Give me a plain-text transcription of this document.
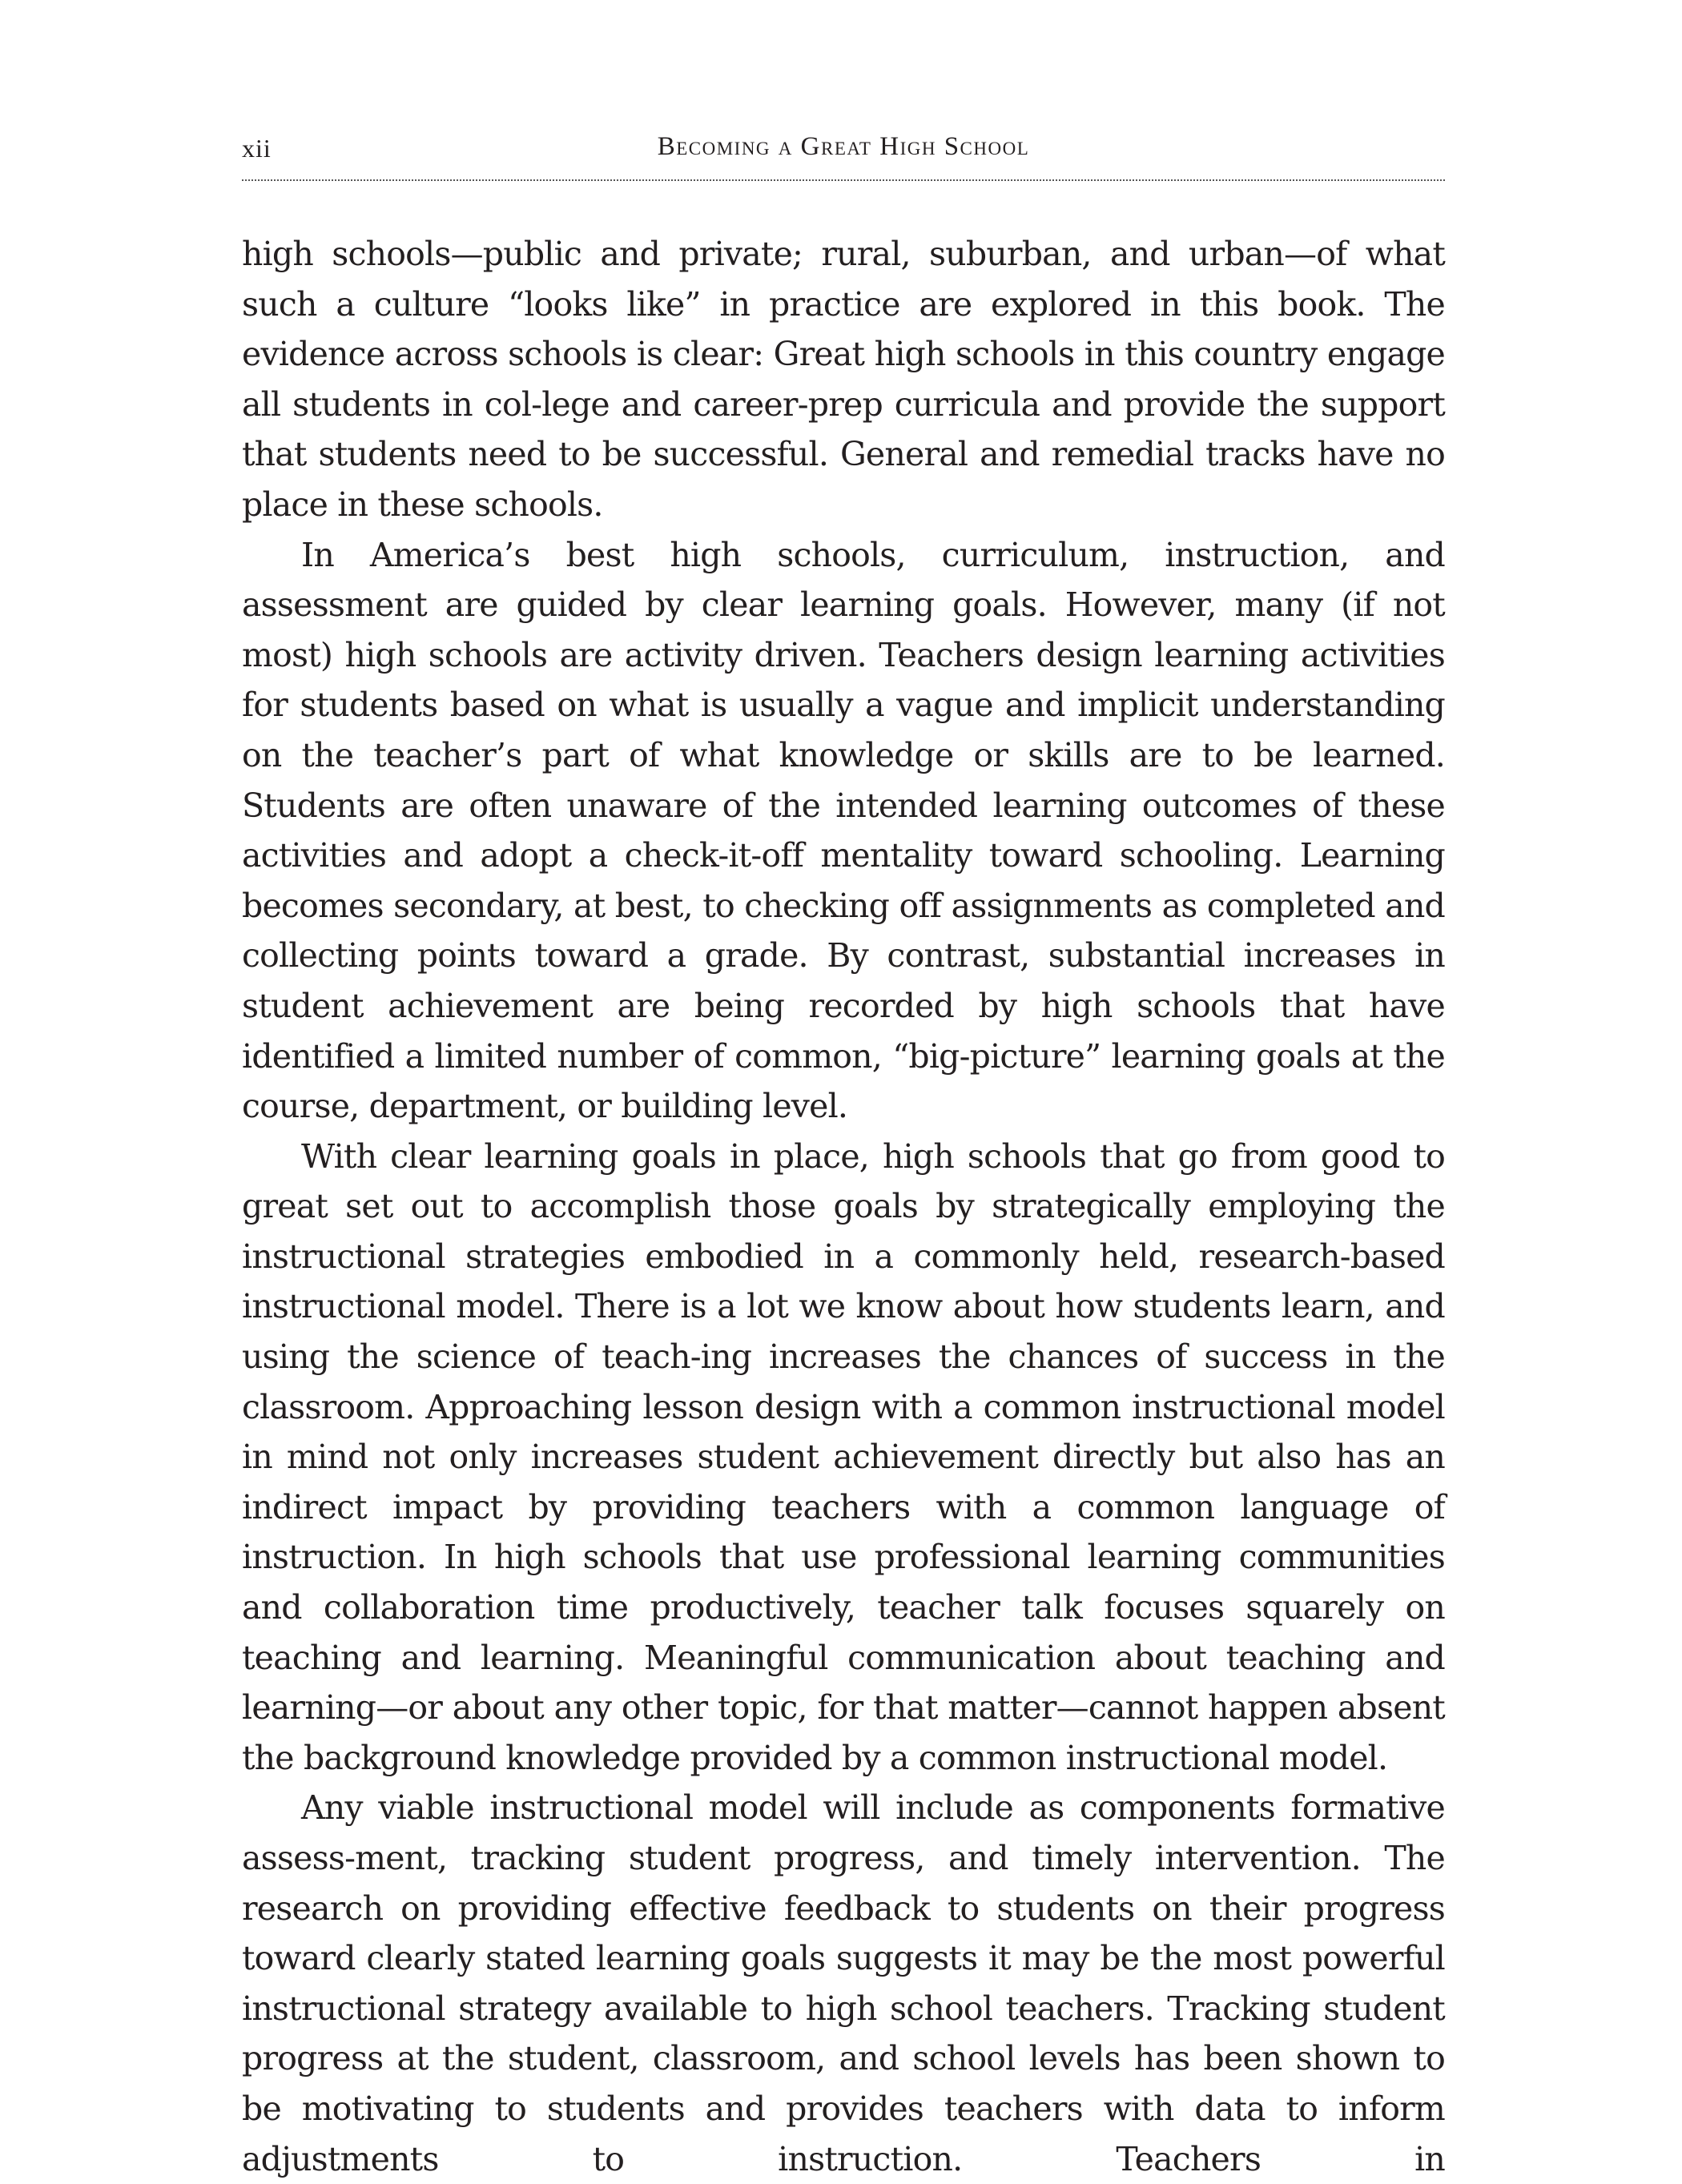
xii	Becoming a Great High School

high schools—public and private; rural, suburban, and urban—of what such a culture “looks like” in practice are explored in this book. The evidence across schools is clear: Great high schools in this country engage all students in col-lege and career-prep curricula and provide the support that students need to be successful. General and remedial tracks have no place in these schools.

In America’s best high schools, curriculum, instruction, and assessment are guided by clear learning goals. However, many (if not most) high schools are activity driven. Teachers design learning activities for students based on what is usually a vague and implicit understanding on the teacher’s part of what knowledge or skills are to be learned. Students are often unaware of the intended learning outcomes of these activities and adopt a check-it-off mentality toward schooling. Learning becomes secondary, at best, to checking off assignments as completed and collecting points toward a grade. By contrast, substantial increases in student achievement are being recorded by high schools that have identified a limited number of common, “big-picture” learning goals at the course, department, or building level.

With clear learning goals in place, high schools that go from good to great set out to accomplish those goals by strategically employing the instructional strategies embodied in a commonly held, research-based instructional model. There is a lot we know about how students learn, and using the science of teach-ing increases the chances of success in the classroom. Approaching lesson design with a common instructional model in mind not only increases student achievement directly but also has an indirect impact by providing teachers with a common language of instruction. In high schools that use professional learning communities and collaboration time productively, teacher talk focuses squarely on teaching and learning. Meaningful communication about teaching and learning—or about any other topic, for that matter—cannot happen absent the background knowledge provided by a common instructional model.

Any viable instructional model will include as components formative assess-ment, tracking student progress, and timely intervention. The research on providing effective feedback to students on their progress toward clearly stated learning goals suggests it may be the most powerful instructional strategy available to high school teachers. Tracking student progress at the student, classroom, and school levels has been shown to be motivating to students and provides teachers with data to inform adjustments to instruction. Teachers in
